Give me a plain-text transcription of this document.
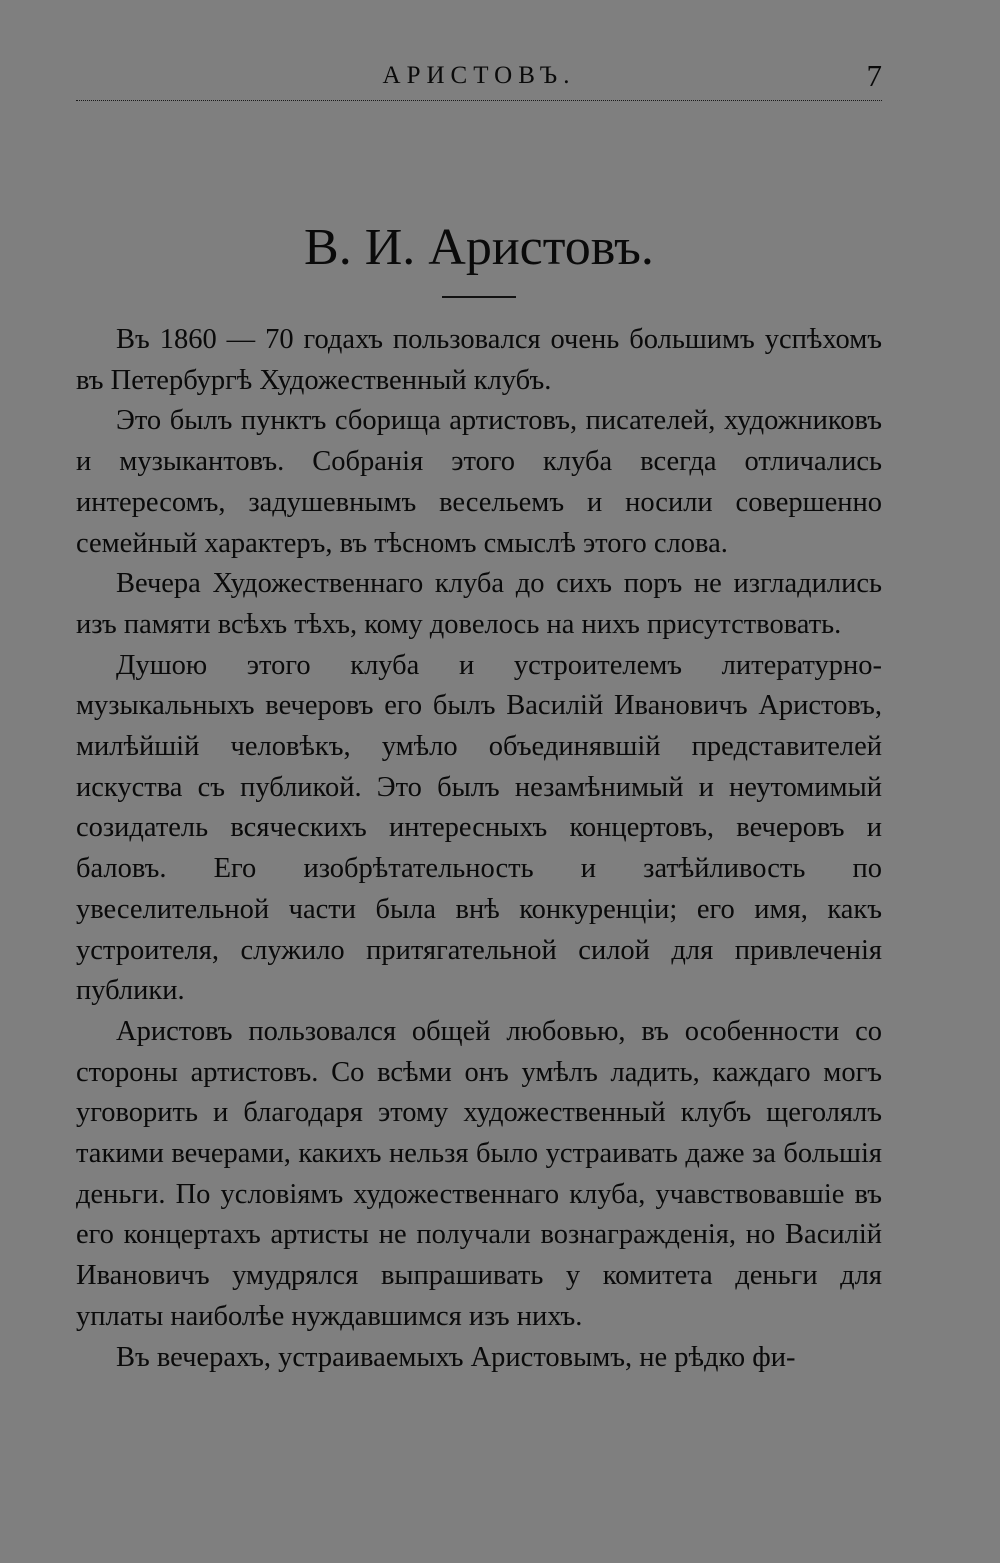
АРИСТОВЪ.	7
В. И. Аристовъ.

Въ 1860 — 70 годахъ пользовался очень большимъ успѣхомъ въ Петербургѣ Художественный клубъ.

Это былъ пунктъ сборища артистовъ, писателей, художниковъ и музыкантовъ. Собранія этого клуба всегда отличались интересомъ, задушевнымъ весельемъ и носили совершенно семейный характеръ, въ тѣсномъ смыслѣ этого слова.

Вечера Художественнаго клуба до сихъ поръ не изгладились изъ памяти всѣхъ тѣхъ, кому довелось на нихъ присутствовать.

Душою этого клуба и устроителемъ литературно-музыкальныхъ вечеровъ его былъ Василій Ивановичъ Аристовъ, милѣйшій человѣкъ, умѣло объединявшій представителей искуства съ публикой. Это былъ незамѣнимый и неутомимый созидатель всяческихъ интересныхъ концертовъ, вечеровъ и баловъ. Его изобрѣтательность и затѣйливость по увеселительной части была внѣ конкуренціи; его имя, какъ устроителя, служило притягательной силой для привлеченія публики.

Аристовъ пользовался общей любовью, въ особенности со стороны артистовъ. Со всѣми онъ умѣлъ ладить, каждаго могъ уговорить и благодаря этому художественный клубъ щеголялъ такими вечерами, какихъ нельзя было устраивать даже за большія деньги. По условіямъ художественнаго клуба, учавствовавшіе въ его концертахъ артисты не получали вознагражденія, но Василій Ивановичъ умудрялся выпрашивать у комитета деньги для уплаты наиболѣе нуждавшимся изъ нихъ.

Въ вечерахъ, устраиваемыхъ Аристовымъ, не рѣдко фи-
